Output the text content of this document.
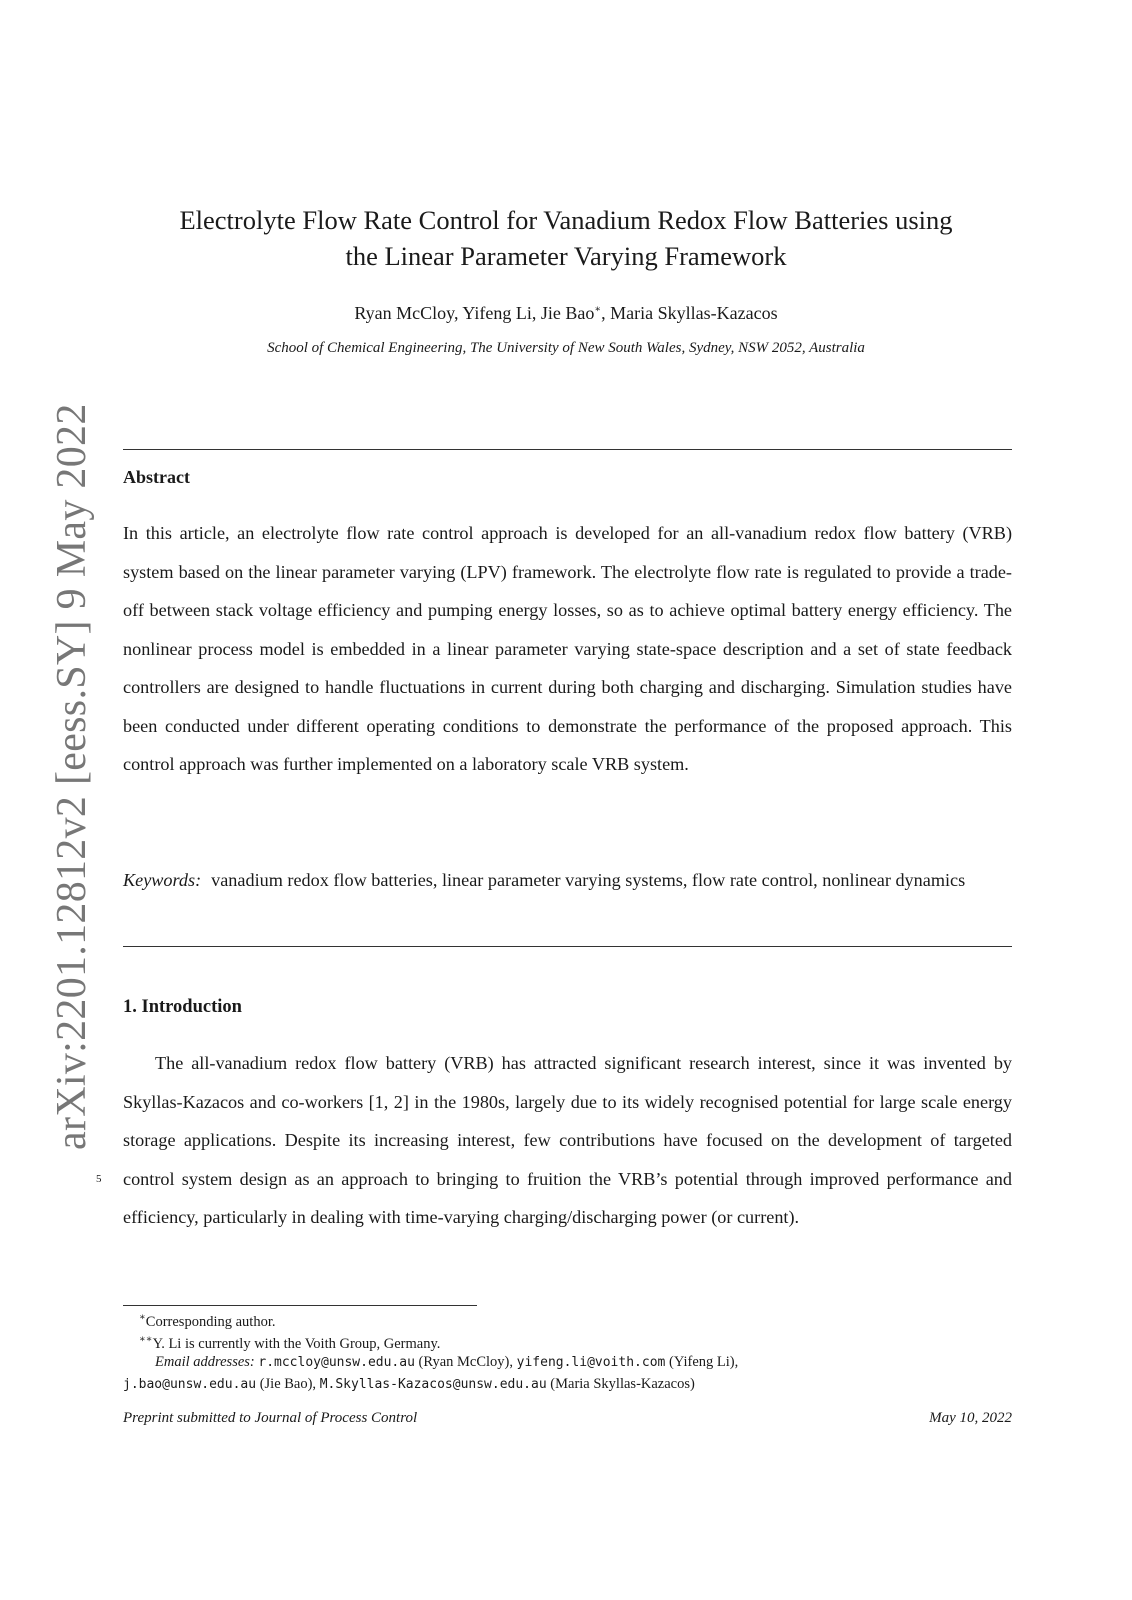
arXiv:2201.12812v2 [eess.SY] 9 May 2022
Electrolyte Flow Rate Control for Vanadium Redox Flow Batteries using
the Linear Parameter Varying Framework
Ryan McCloy, Yifeng Li, Jie Bao∗, Maria Skyllas-Kazacos
School of Chemical Engineering, The University of New South Wales, Sydney, NSW 2052, Australia
Abstract

In this article, an electrolyte flow rate control approach is developed for an all-vanadium redox flow battery (VRB) system based on the linear parameter varying (LPV) framework. The electrolyte flow rate is regulated to provide a trade-off between stack voltage efficiency and pumping energy losses, so as to achieve optimal battery energy efficiency. The nonlinear process model is embedded in a linear parameter varying state-space description and a set of state feedback controllers are designed to handle fluctuations in current during both charging and discharging. Simulation studies have been conducted under different operating conditions to demonstrate the performance of the proposed approach. This control approach was further implemented on a laboratory scale VRB system.

Keywords: vanadium redox flow batteries, linear parameter varying systems, flow rate control, nonlinear dynamics

1. Introduction

The all-vanadium redox flow battery (VRB) has attracted significant research interest, since it was invented by Skyllas-Kazacos and co-workers [1, 2] in the 1980s, largely due to its widely recognised potential for large scale energy storage applications. Despite its increasing interest, few contributions have focused on the development of targeted control system design as an approach to bringing to fruition the VRB’s potential through improved performance and efficiency, particularly in dealing with time-varying charging/discharging power (or current).

5
∗Corresponding author.
∗∗Y. Li is currently with the Voith Group, Germany.
Email addresses: r.mccloy@unsw.edu.au (Ryan McCloy), yifeng.li@voith.com (Yifeng Li),
j.bao@unsw.edu.au (Jie Bao), M.Skyllas-Kazacos@unsw.edu.au (Maria Skyllas-Kazacos)
Preprint submitted to Journal of Process Control	May 10, 2022
